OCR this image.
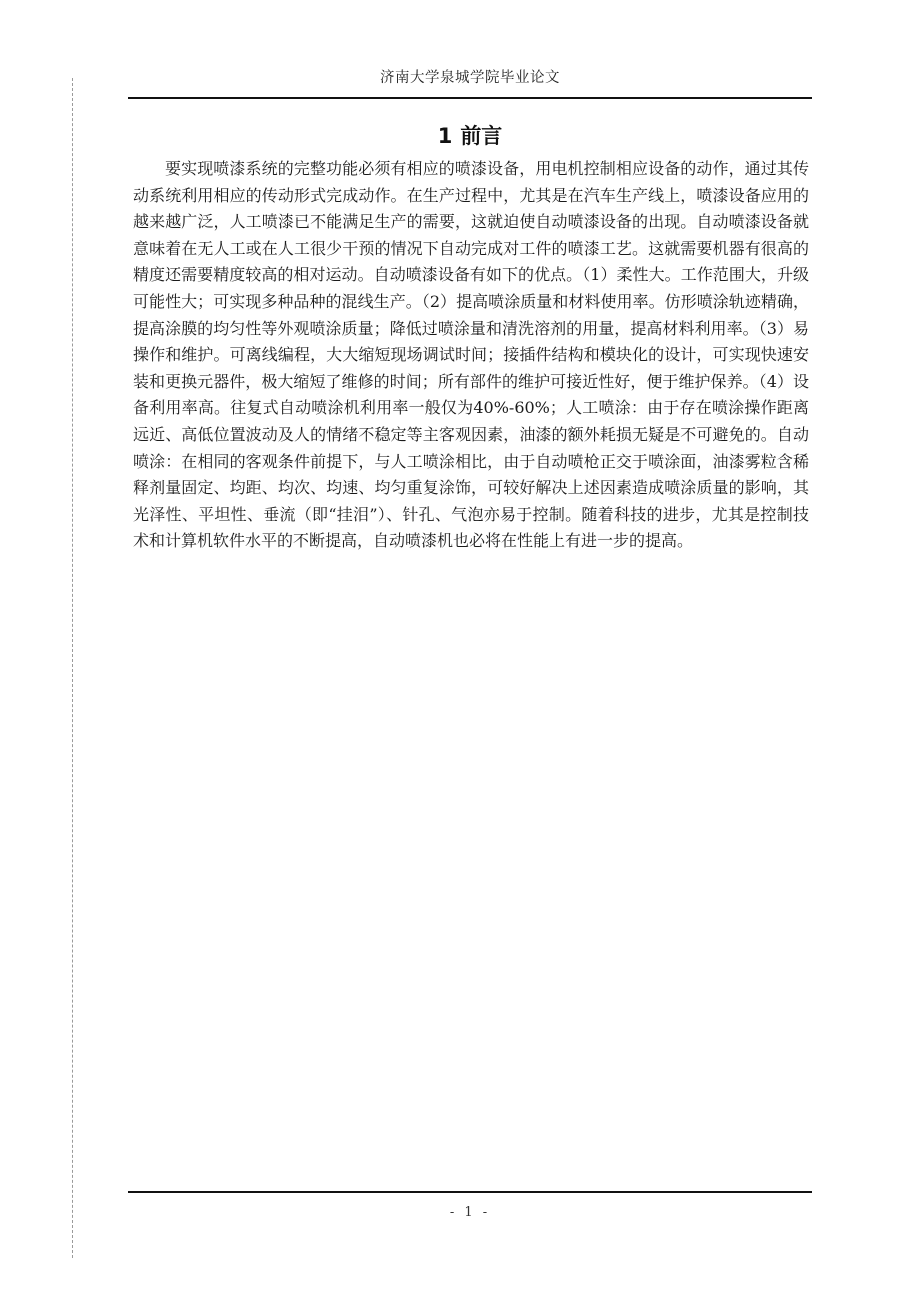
济南大学泉城学院毕业论文
1 前言

要实现喷漆系统的完整功能必须有相应的喷漆设备，用电机控制相应设备的动作，通过其传动系统利用相应的传动形式完成动作。在生产过程中，尤其是在汽车生产线上，喷漆设备应用的越来越广泛，人工喷漆已不能满足生产的需要，这就迫使自动喷漆设备的出现。自动喷漆设备就意味着在无人工或在人工很少干预的情况下自动完成对工件的喷漆工艺。这就需要机器有很高的精度还需要精度较高的相对运动。自动喷漆设备有如下的优点。（1）柔性大。工作范围大，升级可能性大；可实现多种品种的混线生产。（2）提高喷涂质量和材料使用率。仿形喷涂轨迹精确，提高涂膜的均匀性等外观喷涂质量；降低过喷涂量和清洗溶剂的用量，提高材料利用率。（3）易操作和维护。可离线编程，大大缩短现场调试时间；接插件结构和模块化的设计，可实现快速安装和更换元器件，极大缩短了维修的时间；所有部件的维护可接近性好，便于维护保养。（4）设备利用率高。往复式自动喷涂机利用率一般仅为40%-60%；人工喷涂：由于存在喷涂操作距离远近、高低位置波动及人的情绪不稳定等主客观因素，油漆的额外耗损无疑是不可避免的。自动喷涂：在相同的客观条件前提下，与人工喷涂相比，由于自动喷枪正交于喷涂面，油漆雾粒含稀释剂量固定、均距、均次、均速、均匀重复涂饰，可较好解决上述因素造成喷涂质量的影响，其光泽性、平坦性、垂流（即“挂泪”）、针孔、气泡亦易于控制。随着科技的进步，尤其是控制技术和计算机软件水平的不断提高，自动喷漆机也必将在性能上有进一步的提高。

- 1 -
